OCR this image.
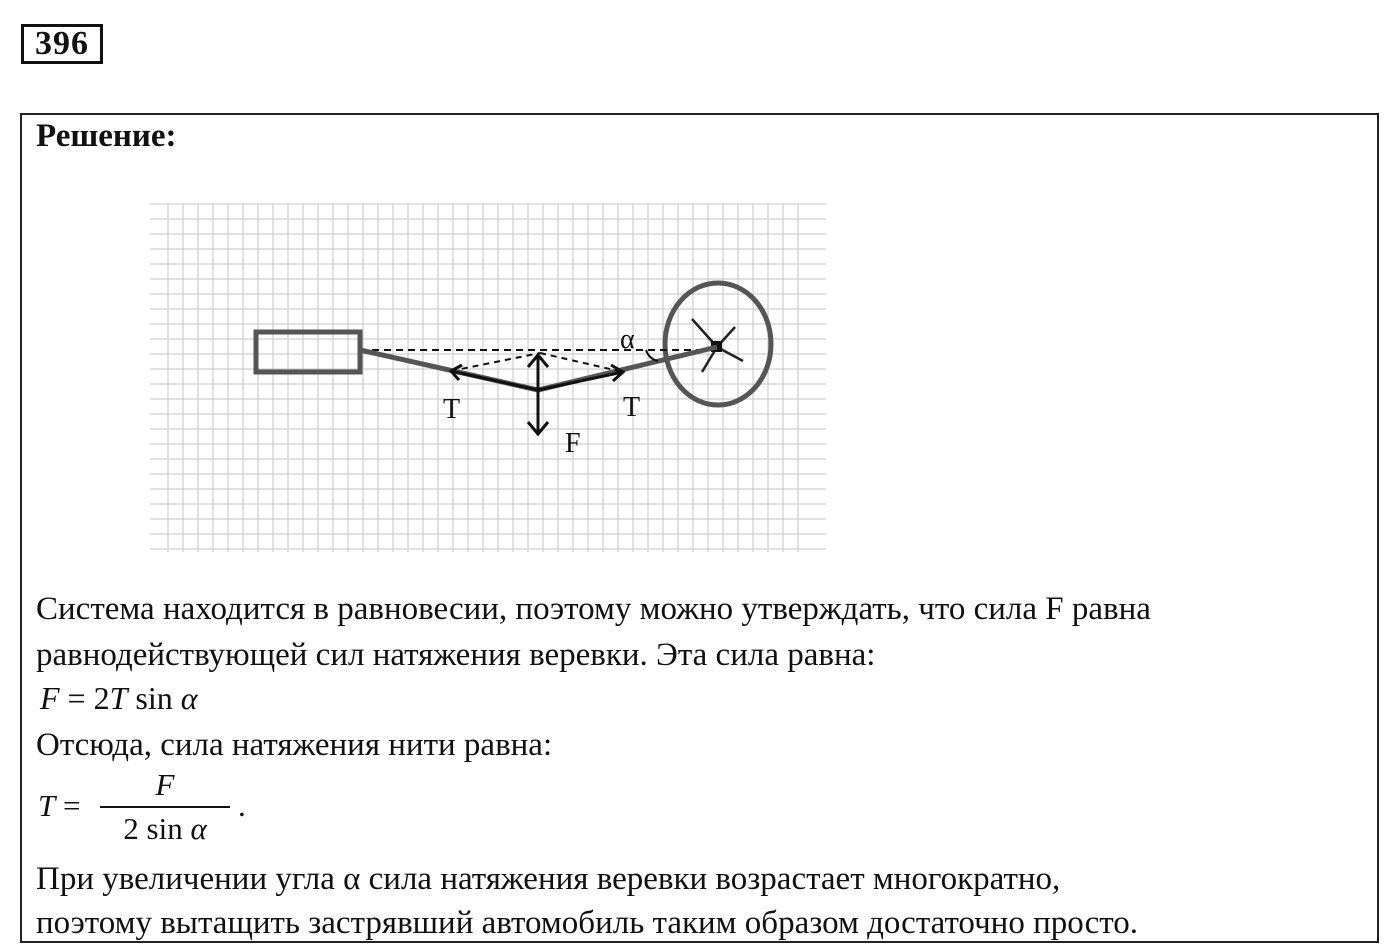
396
Решение:
α
T	T
F
Система находится в равновесии, поэтому можно утверждать, что сила F равна
равнодействующей сил натяжения веревки. Эта сила равна:
F = 2T sin α
Отсюда, сила натяжения нити равна:
T =
F
2 sin α
.
При увеличении угла α сила натяжения веревки возрастает многократно,
поэтому вытащить застрявший автомобиль таким образом достаточно просто.
